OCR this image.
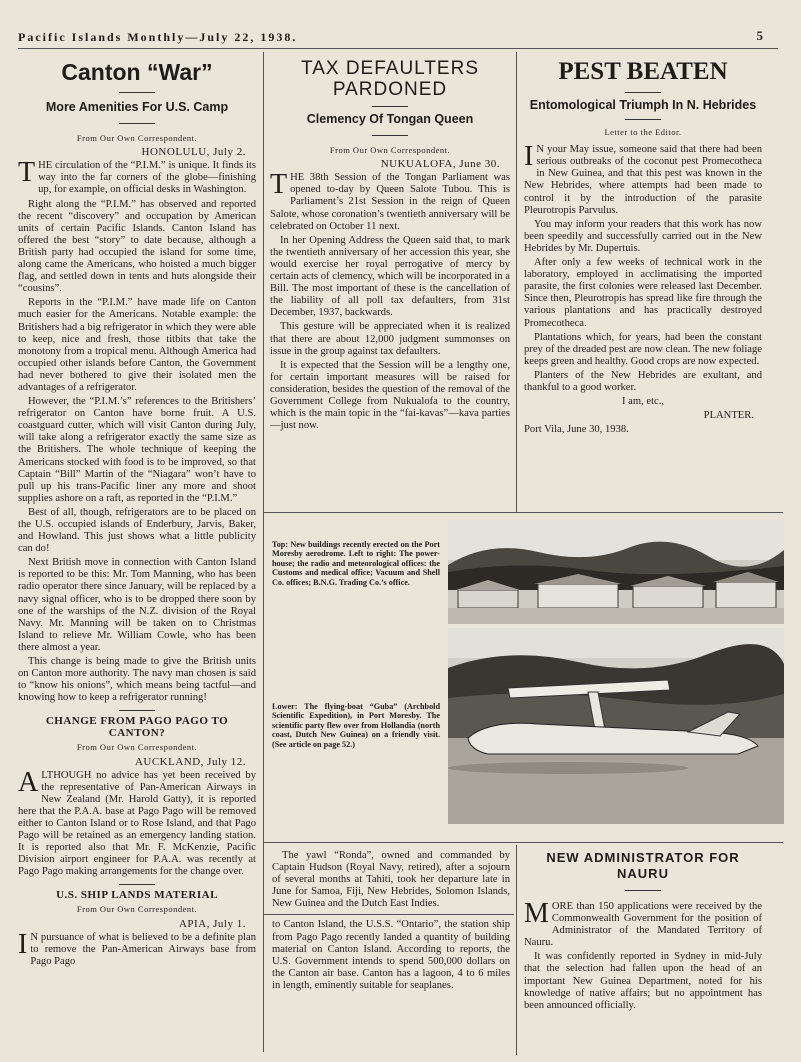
Pacific Islands Monthly—July 22, 1938.	5
Canton “War”
More Amenities For U.S. Camp

From Our Own Correspondent.

HONOLULU, July 2.

THE circulation of the “P.I.M.” is unique. It finds its way into the far corners of the globe—finishing up, for example, on official desks in Washington.

Right along the “P.I.M.” has observed and reported the recent “discovery” and occupation by American units of certain Pacific Islands. Canton Island has offered the best “story” to date because, although a British party had occupied the island for some time, along came the Americans, who hoisted a much bigger flag, and settled down in tents and huts alongside their “cousins”.

Reports in the “P.I.M.” have made life on Canton much easier for the Americans. Notable example: the Britishers had a big refrigerator in which they were able to keep, nice and fresh, those titbits that take the monotony from a tropical menu. Although America had occupied other islands before Canton, the Government had never bothered to give their isolated men the advantages of a refrigerator.

However, the “P.I.M.’s” references to the Britishers’ refrigerator on Canton have borne fruit. A U.S. coastguard cutter, which will visit Canton during July, will take along a refrigerator exactly the same size as the Britishers. The whole technique of keeping the Americans stocked with food is to be improved, so that Captain “Bill” Martin of the “Niagara” won’t have to pull up his trans-Pacific liner any more and shoot supplies ashore on a raft, as reported in the “P.I.M.”

Best of all, though, refrigerators are to be placed on the U.S. occupied islands of Enderbury, Jarvis, Baker, and Howland. This just shows what a little publicity can do!

Next British move in connection with Canton Island is reported to be this: Mr. Tom Manning, who has been radio operator there since January, will be replaced by a navy signal officer, who is to be dropped there soon by one of the warships of the N.Z. division of the Royal Navy. Mr. Manning will be taken on to Christmas Island to relieve Mr. William Cowle, who has been there almost a year.

This change is being made to give the British units on Canton more authority. The navy man chosen is said to “know his onions”, which means being tactful—and knowing how to keep a refrigerator running!

CHANGE FROM PAGO PAGO TO CANTON?

From Our Own Correspondent.

AUCKLAND, July 12.

ALTHOUGH no advice has yet been received by the representative of Pan-American Airways in New Zealand (Mr. Harold Gatty), it is reported here that the P.A.A. base at Pago Pago will be removed either to Canton Island or to Rose Island, and that Pago Pago will be retained as an emergency landing station. It is reported also that Mr. F. McKenzie, Pacific Division airport engineer for P.A.A. was recently at Pago Pago making arrangements for the change over.

U.S. SHIP LANDS MATERIAL

From Our Own Correspondent.

APIA, July 1.

I N pursuance of what is believed to be a definite plan to remove the Pan-American Airways base from Pago Pago

TAX DEFAULTERS PARDONED
Clemency Of Tongan Queen

From Our Own Correspondent.

NUKUALOFA, June 30.

THE 38th Session of the Tongan Parliament was opened to-day by Queen Salote Tubou. This is Parliament’s 21st Session in the reign of Queen Salote, whose coronation’s twentieth anniversary will be celebrated on October 11 next.

In her Opening Address the Queen said that, to mark the twentieth anniversary of her accession this year, she would exercise her royal perrogative of mercy by certain acts of clemency, which will be incorporated in a Bill. The most important of these is the cancellation of the liability of all poll tax defaulters, from 31st December, 1937, backwards.

This gesture will be appreciated when it is realized that there are about 12,000 judgment summonses on issue in the group against tax defaulters.

It is expected that the Session will be a lengthy one, for certain important measures will be raised for consideration, besides the question of the removal of the Government College from Nukualofa to the country, which is the main topic in the “fai-kavas”—kava parties—just now.

PEST BEATEN
Entomological Triumph In N. Hebrides

Letter to the Editor.

I N your May issue, someone said that there had been serious outbreaks of the coconut pest Promecotheca in New Guinea, and that this pest was known in the New Hebrides, where attempts had been made to control it by the introduction of the parasite Pleurotropis Parvulus.

You may inform your readers that this work has now been speedily and successfully carried out in the New Hebrides by Mr. Dupertuis.

After only a few weeks of technical work in the laboratory, employed in acclimatising the imported parasite, the first colonies were released last December. Since then, Pleurotropis has spread like fire through the various plantations and has practically destroyed Promecotheca.

Plantations which, for years, had been the constant prey of the dreaded pest are now clean. The new foliage keeps green and healthy. Good crops are now expected.

Planters of the New Hebrides are exultant, and thankful to a good worker.

I am, etc.,

PLANTER.

Port Vila, June 30, 1938.

Top: New buildings recently erected on the Port Moresby aerodrome. Left to right: The power-house; the radio and meteorological offices: the Customs and medical office; Vacuum and Shell Co. offices; B.N.G. Trading Co.’s office.
Lower: The flying-boat “Guba” (Archbold Scientific Expedition), in Port Moresby. The scientific party flew over from Hollandia (north coast, Dutch New Guinea) on a friendly visit. (See article on page 52.)

The yawl “Ronda”, owned and commanded by Captain Hudson (Royal Navy, retired), after a sojourn of several months at Tahiti, took her departure late in June for Samoa, Fiji, New Hebrides, Solomon Islands, New Guinea and the Dutch East Indies.

to Canton Island, the U.S.S. “Ontario”, the station ship from Pago Pago recently landed a quantity of building material on Canton Island. According to reports, the U.S. Government intends to spend 500,000 dollars on the Canton air base. Canton has a lagoon, 4 to 6 miles in length, eminently suitable for seaplanes.

NEW ADMINISTRATOR FOR NAURU

MORE than 150 applications were received by the Commonwealth Government for the position of Administrator of the Mandated Territory of Nauru.

It was confidently reported in Sydney in mid-July that the selection had fallen upon the head of an important New Guinea Department, noted for his knowledge of native affairs; but no appointment has been announced officially.
